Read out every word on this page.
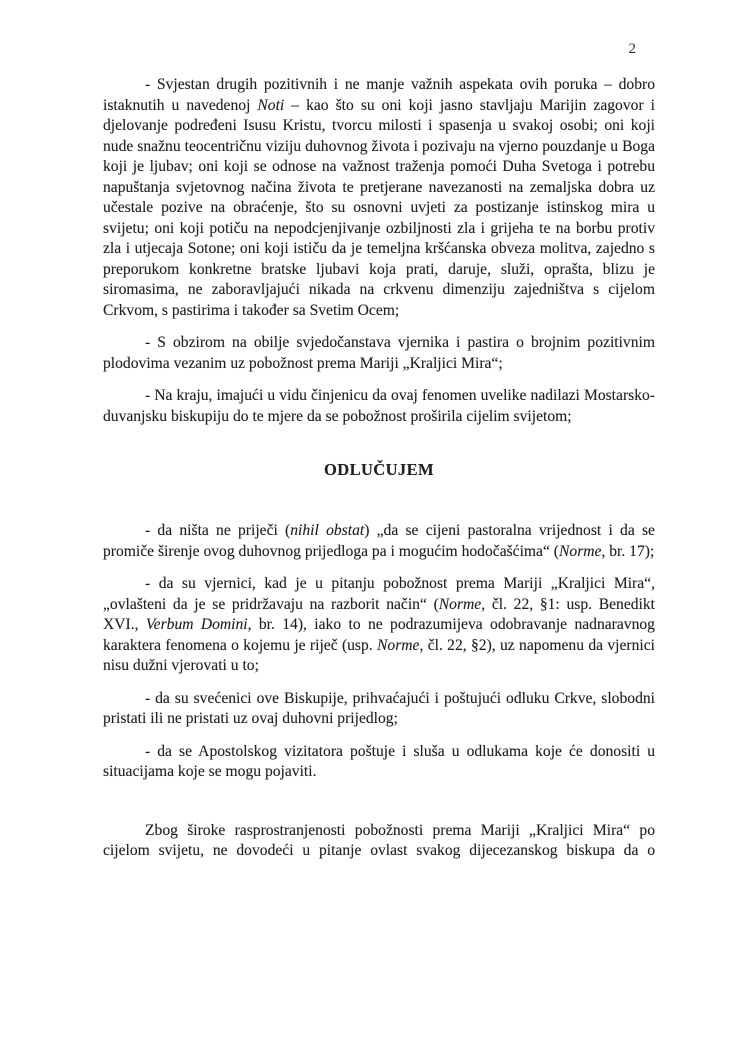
2

- Svjestan drugih pozitivnih i ne manje važnih aspekata ovih poruka – dobro istaknutih u navedenoj Noti – kao što su oni koji jasno stavljaju Marijin zagovor i djelovanje podređeni Isusu Kristu, tvorcu milosti i spasenja u svakoj osobi; oni koji nude snažnu teocentričnu viziju duhovnog života i pozivaju na vjerno pouzdanje u Boga koji je ljubav; oni koji se odnose na važnost traženja pomoći Duha Svetoga i potrebu napuštanja svjetovnog načina života te pretjerane navezanosti na zemaljska dobra uz učestale pozive na obraćenje, što su osnovni uvjeti za postizanje istinskog mira u svijetu; oni koji potiču na nepodcjenjivanje ozbiljnosti zla i grijeha te na borbu protiv zla i utjecaja Sotone; oni koji ističu da je temeljna kršćanska obveza molitva, zajedno s preporukom konkretne bratske ljubavi koja prati, daruje, služi, oprašta, blizu je siromasima, ne zaboravljajući nikada na crkvenu dimenziju zajedništva s cijelom Crkvom, s pastirima i također sa Svetim Ocem;

- S obzirom na obilje svjedočanstava vjernika i pastira o brojnim pozitivnim plodovima vezanim uz pobožnost prema Mariji „Kraljici Mira“;

- Na kraju, imajući u vidu činjenicu da ovaj fenomen uvelike nadilazi Mostarsko-duvanjsku biskupiju do te mjere da se pobožnost proširila cijelim svijetom;

ODLUČUJEM

- da ništa ne priječi (nihil obstat) „da se cijeni pastoralna vrijednost i da se promiče širenje ovog duhovnog prijedloga pa i mogućim hodočašćima“ (Norme, br. 17);

- da su vjernici, kad je u pitanju pobožnost prema Mariji „Kraljici Mira“, „ovlašteni da je se pridržavaju na razborit način“ (Norme, čl. 22, §1: usp. Benedikt XVI., Verbum Domini, br. 14), iako to ne podrazumijeva odobravanje nadnaravnog karaktera fenomena o kojemu je riječ (usp. Norme, čl. 22, §2), uz napomenu da vjernici nisu dužni vjerovati u to;

- da su svećenici ove Biskupije, prihvaćajući i poštujući odluku Crkve, slobodni pristati ili ne pristati uz ovaj duhovni prijedlog;

- da se Apostolskog vizitatora poštuje i sluša u odlukama koje će donositi u situacijama koje se mogu pojaviti.

Zbog široke rasprostranjenosti pobožnosti prema Mariji „Kraljici Mira“ po cijelom svijetu, ne dovodeći u pitanje ovlast svakog dijecezanskog biskupa da o
